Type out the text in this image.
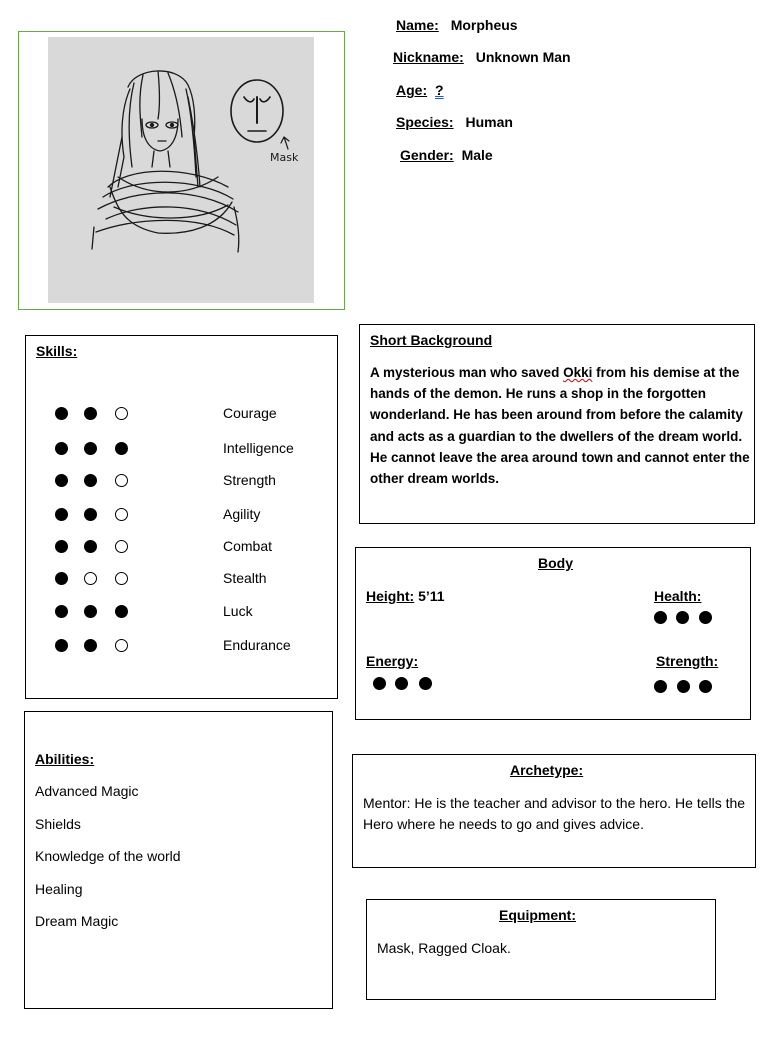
Name: Morpheus
Nickname: Unknown Man
Age: ?
Species: Human
Gender: Male
Mask
Skills:
Courage
Intelligence
Strength
Agility
Combat
Stealth
Luck
Endurance
Short Background
A mysterious man who saved Okki from his demise at the hands of the demon. He runs a shop in the forgotten wonderland. He has been around from before the calamity and acts as a guardian to the dwellers of the dream world. He cannot leave the area around town and cannot enter the other dream worlds.
Body
Height: 5’11	Health:
Energy:	Strength:
Abilities:
Advanced Magic
Shields
Knowledge of the world
Healing
Dream Magic
Archetype:
Mentor: He is the teacher and advisor to the hero. He tells the Hero where he needs to go and gives advice.
Equipment:
Mask, Ragged Cloak.
